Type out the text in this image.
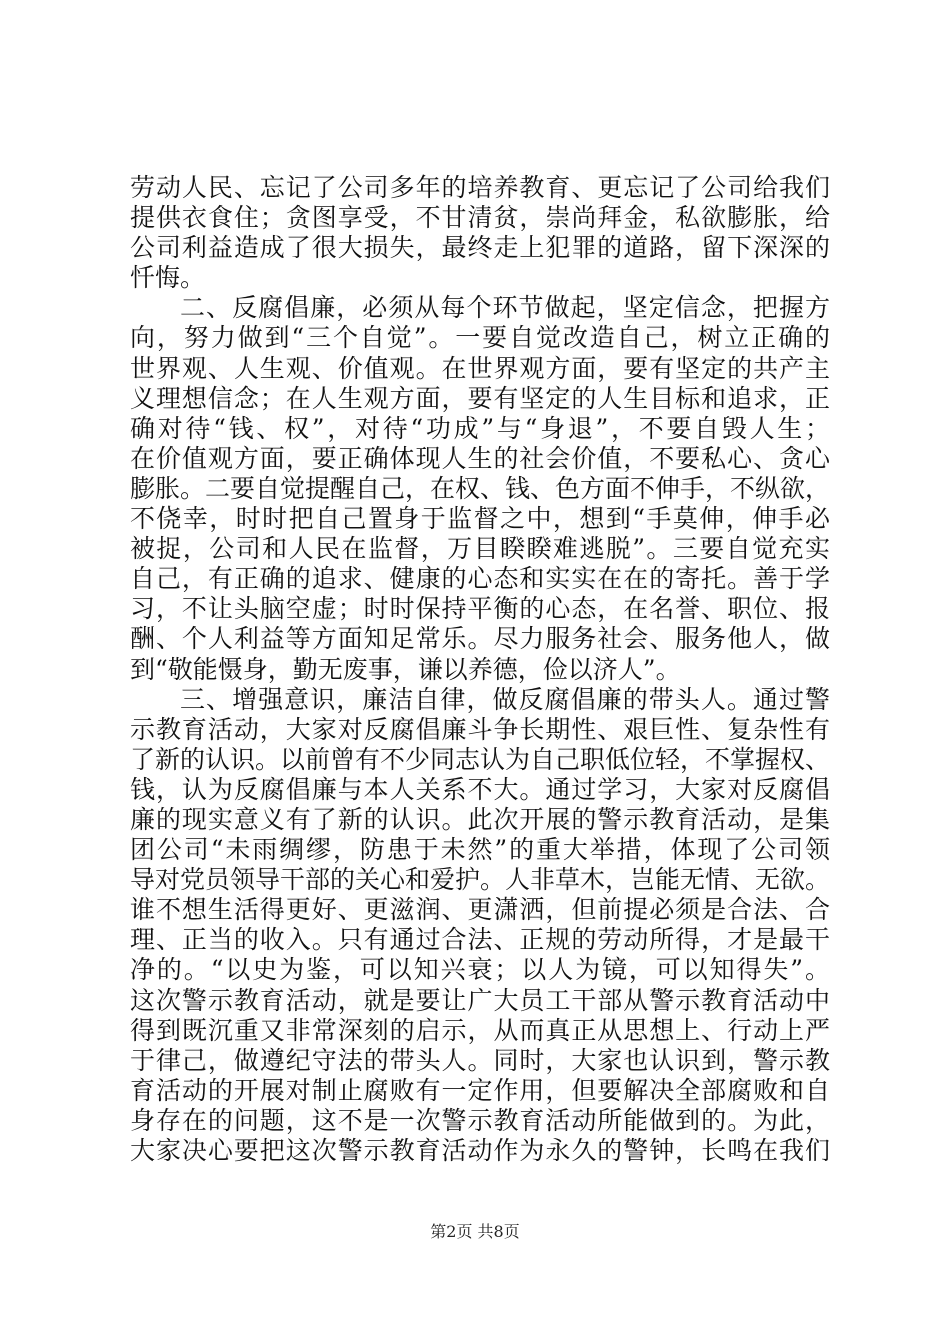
劳动人民、忘记了公司多年的培养教育、更忘记了公司给我们
提供衣食住；贪图享受，不甘清贫，崇尚拜金，私欲膨胀，给
公司利益造成了很大损失，最终走上犯罪的道路，留下深深的
忏悔。
二、反腐倡廉，必须从每个环节做起，坚定信念，把握方
向，努力做到“三个自觉”。一要自觉改造自己，树立正确的
世界观、人生观、价值观。在世界观方面，要有坚定的共产主
义理想信念；在人生观方面，要有坚定的人生目标和追求，正
确对待“钱、权”，对待“功成”与“身退”，不要自毁人生；
在价值观方面，要正确体现人生的社会价值，不要私心、贪心
膨胀。二要自觉提醒自己，在权、钱、色方面不伸手，不纵欲，
不侥幸，时时把自己置身于监督之中，想到“手莫伸，伸手必
被捉，公司和人民在监督，万目睽睽难逃脱”。三要自觉充实
自己，有正确的追求、健康的心态和实实在在的寄托。善于学
习，不让头脑空虚；时时保持平衡的心态，在名誉、职位、报
酬、个人利益等方面知足常乐。尽力服务社会、服务他人，做
到“敬能慑身，勤无废事，谦以养德，俭以济人”。
三、增强意识，廉洁自律，做反腐倡廉的带头人。通过警
示教育活动，大家对反腐倡廉斗争长期性、艰巨性、复杂性有
了新的认识。以前曾有不少同志认为自己职低位轻，不掌握权、
钱，认为反腐倡廉与本人关系不大。通过学习，大家对反腐倡
廉的现实意义有了新的认识。此次开展的警示教育活动，是集
团公司“未雨绸缪，防患于未然”的重大举措，体现了公司领
导对党员领导干部的关心和爱护。人非草木，岂能无情、无欲。
谁不想生活得更好、更滋润、更潇洒，但前提必须是合法、合
理、正当的收入。只有通过合法、正规的劳动所得，才是最干
净的。“以史为鉴，可以知兴衰；以人为镜，可以知得失”。
这次警示教育活动，就是要让广大员工干部从警示教育活动中
得到既沉重又非常深刻的启示，从而真正从思想上、行动上严
于律己，做遵纪守法的带头人。同时，大家也认识到，警示教
育活动的开展对制止腐败有一定作用，但要解决全部腐败和自
身存在的问题，这不是一次警示教育活动所能做到的。为此，
大家决心要把这次警示教育活动作为永久的警钟，长鸣在我们
第2页 共8页
